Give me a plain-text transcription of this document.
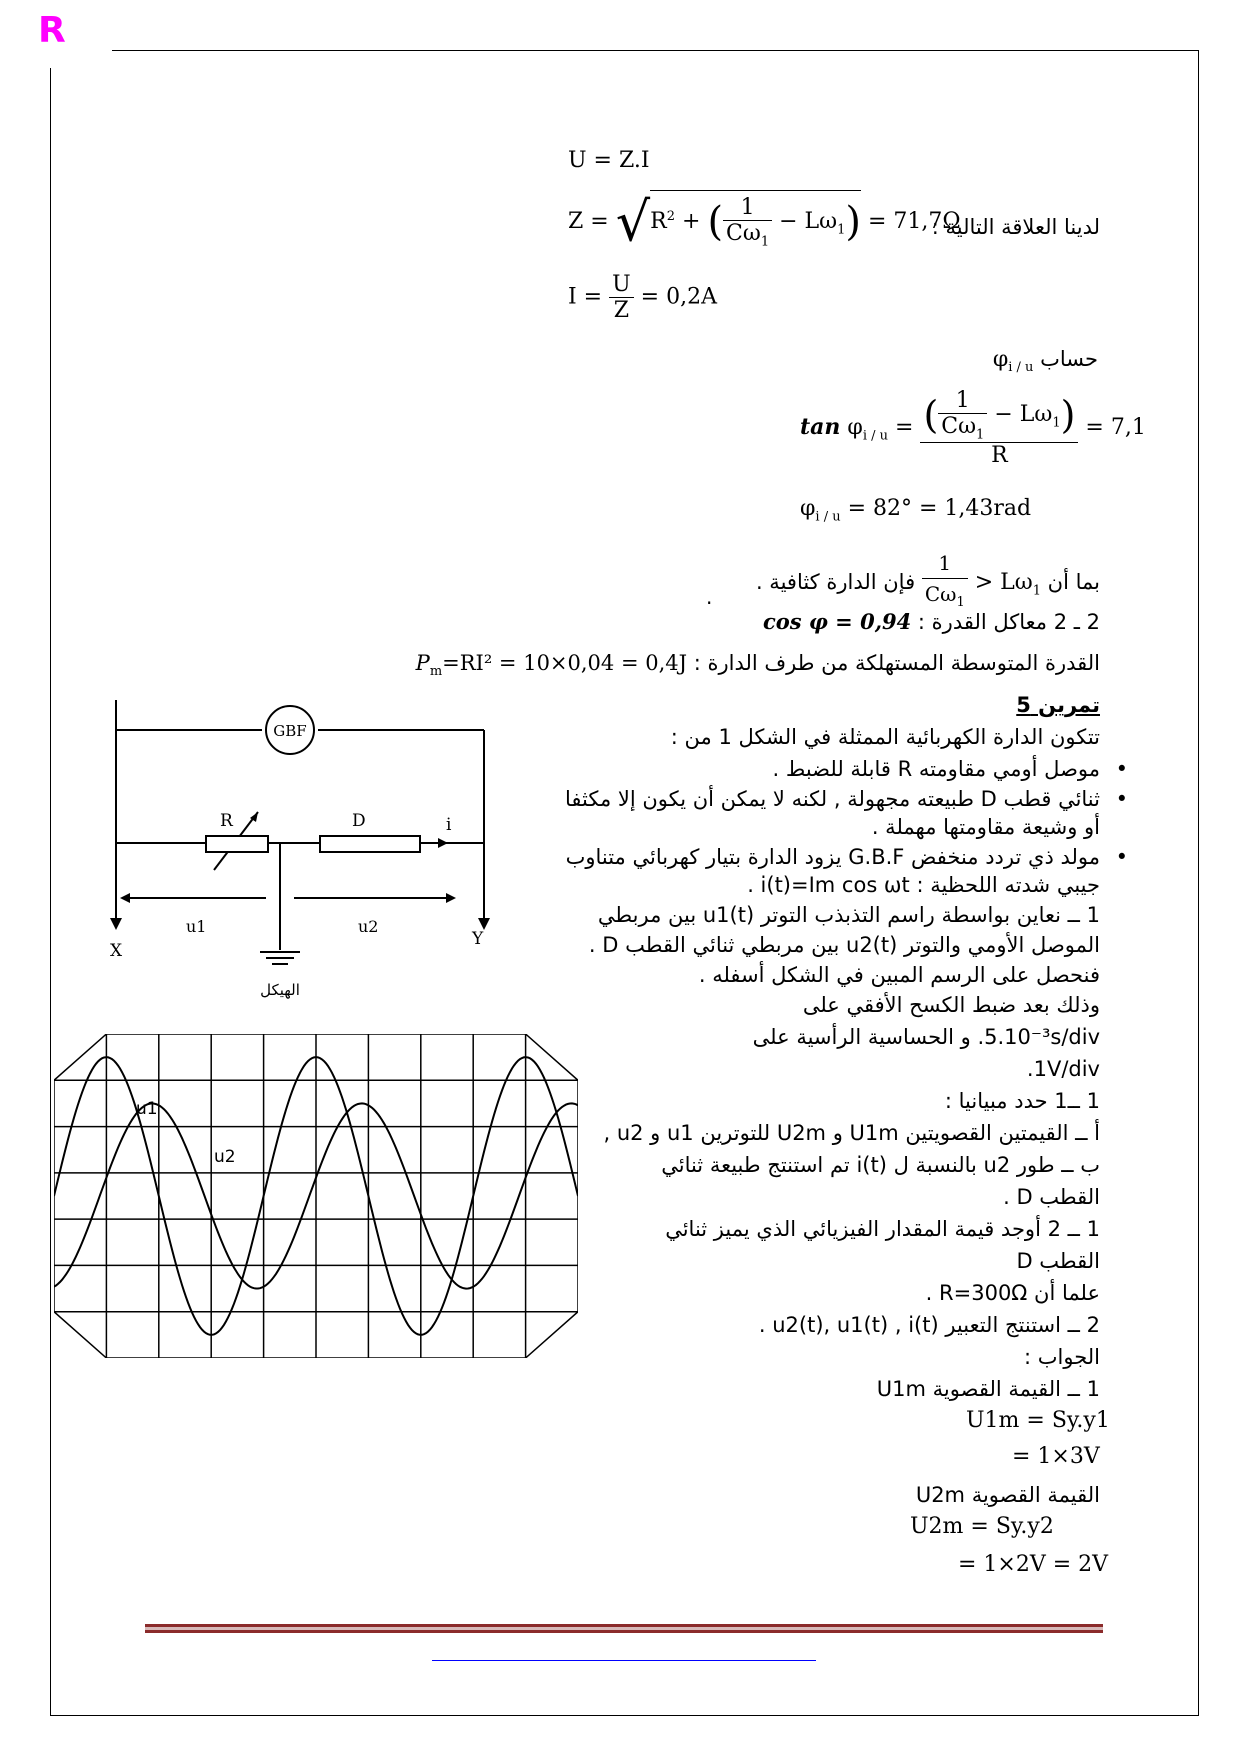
R
U = Z.I
لدينا العلاقة التالية :
$Z = √R^2$ + ( $\frac{1}{C\omega_1} - L\omega_1) = 71,7\Omega$
$I = \frac{U}{Z} = 0,2A$
حساب $\varphi_{i / u}$
$\tan \varphi_{i / u} = \frac{( \frac{1}{C\omega_1} - L\omega_1)}{R} = 7,1$
$\varphi_{i / u} = 82^\circ = 1,43rad$
بما أن
$\frac{1}{C\omega_1} > L\omega_1$ فإن الدارة كثافية .
.
2 ـ 2 معاكل القدرة : cos φ = 0,94
القدرة المتوسطة المستهلكة من طرف الدارة : $P_m=RI^2 = 10\times 0,04 = 0,4J$
تمرين 5
تتكون الدارة الكهربائية الممثلة في الشكل 1 من :
• موصل أومي مقاومته R قابلة للضبط .
• ثنائي قطب D طبيعته مجهولة , لكنه لا يمكن أن يكون إلا مكثفا
أو وشيعة مقاومتها مهملة .
• مولد ذي تردد منخفض G.B.F يزود الدارة بتيار كهربائي متناوب
جيبي شدته اللحظية : i(t)=Im cos ωt .
1 ــ نعاين بواسطة راسم التذبذب التوتر u1(t) بين مربطي
الموصل الأومي والتوتر u2(t) بين مربطي ثنائي القطب D .
فنحصل على الرسم المبين في الشكل أسفله .
وذلك بعد ضبط الكسح الأفقي على
5.10⁻³s/div. و الحساسية الرأسية على
1V/div.
1 ــ1 حدد مبيانيا :
أ ــ القيمتين القصويتين U1m و U2m للتوترين u1 و u2 ,
ب ــ طور u2 بالنسبة ل i(t) تم استنتج طبيعة ثنائي
القطب D .
1 ــ 2 أوجد قيمة المقدار الفيزيائي الذي يميز ثنائي
القطب D
علما أن R=300Ω .
2 ــ استنتج التعبير u2(t), u1(t) , i(t) .
الجواب :
1 ــ القيمة القصوية U1m
U1m = Sy.y1
= 1×3V
القيمة القصوية U2m
U2m = Sy.y2
= 1×2V = 2V
GBF
R	D	i
u1	u2
X
Y
الهيكل
u1
u2
